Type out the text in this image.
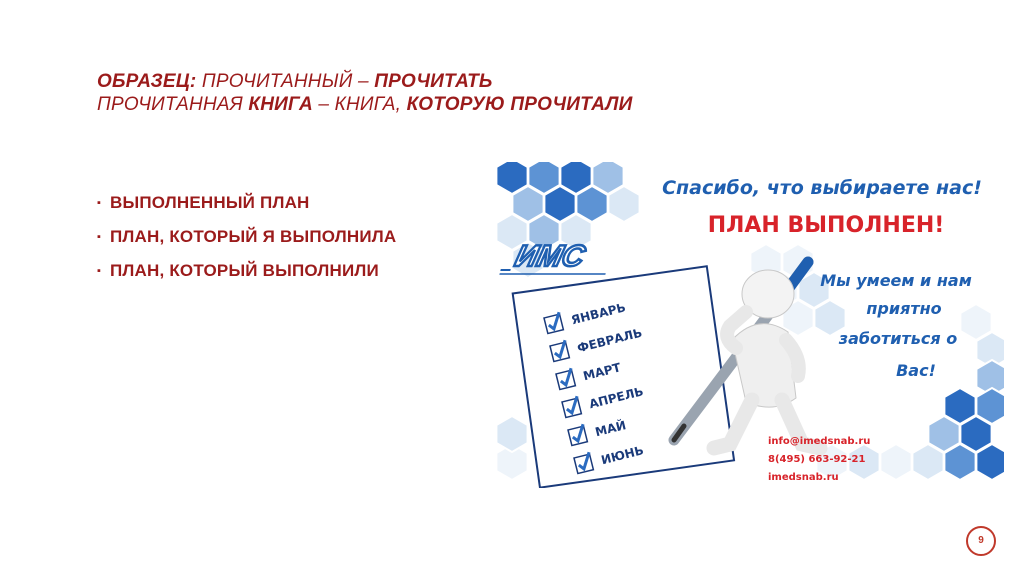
ОБРАЗЕЦ: ПРОЧИТАННЫЙ – ПРОЧИТАТЬ
ПРОЧИТАННАЯ КНИГА – КНИГА, КОТОРУЮ ПРОЧИТАЛИ
▪ ВЫПОЛНЕННЫЙ ПЛАН
▪ ПЛАН, КОТОРЫЙ Я ВЫПОЛНИЛА
▪ ПЛАН, КОТОРЫЙ ВЫПОЛНИЛИ	ИМС
Спасибо, что выбираете нас!
ПЛАН ВЫПОЛНЕН!
Мы умеем и нам
приятно
заботиться о
Вас!
ЯНВАРЬ
ФЕВРАЛЬ
МАРТ
АПРЕЛЬ
МАЙ
ИЮНЬ
info@imedsnab.ru
8(495) 663-92-21
imedsnab.ru
9
